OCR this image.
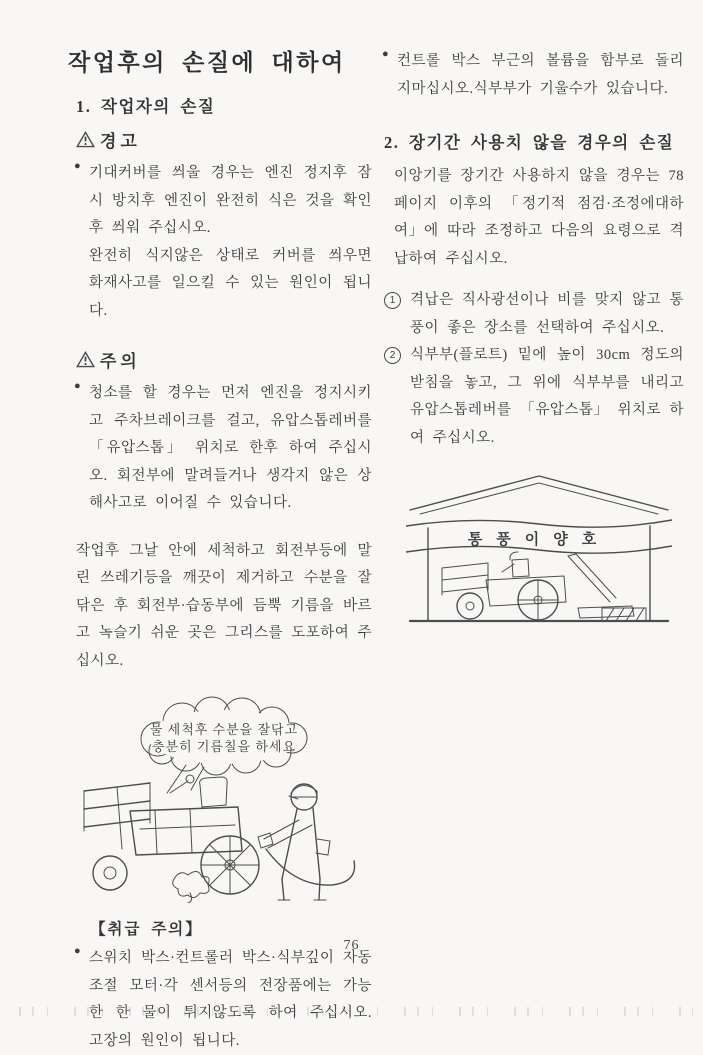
작업후의 손질에 대하여
1. 작업자의 손질
경고
● 기대커버를 씌울 경우는 엔진 정지후 잠시 방치후 엔진이 완전히 식은 것을 확인후 씌워 주십시오.

완전히 식지않은 상태로 커버를 씌우면 화재사고를 일으킬 수 있는 원인이 됩니다.

주의
● 청소를 할 경우는 먼저 엔진을 정지시키고 주차브레이크를 걸고, 유압스톱레버를 「유압스톱」 위치로 한후 하여 주십시오. 회전부에 말려들거나 생각지 않은 상해사고로 이어질 수 있습니다.

작업후 그날 안에 세척하고 회전부등에 말린 쓰레기등을 깨끗이 제거하고 수분을 잘 닦은 후 회전부·습동부에 듬뿍 기름을 바르고 녹슬기 쉬운 곳은 그리스를 도포하여 주십시오.

물 세척후 수분을 잘닦고
충분히 기름칠을 하세요
【취급 주의】
● 스위치 박스·컨트롤러 박스·식부깊이 자동조절 모터·각 센서등의 전장품에는 가능한 한 물이 튀지않도록 하여 주십시오. 고장의 원인이 됩니다.

● 컨트롤 박스 부근의 볼륨을 함부로 돌리지마십시오.식부부가 기울수가 있습니다.

2. 장기간 사용치 않을 경우의 손질

이앙기를 장기간 사용하지 않을 경우는 78페이지 이후의 「정기적 점검·조정에대하여」에 따라 조정하고 다음의 요령으로 격납하여 주십시오.

1	격납은 직사광선이나 비를 맞지 않고 통풍이 좋은 장소를 선택하여 주십시오.

2	식부부(플로트) 밑에 높이 30cm 정도의 받침을 놓고, 그 위에 식부부를 내리고 유압스톱레버를 「유압스톱」 위치로 하여 주십시오.

통풍이양호
76
